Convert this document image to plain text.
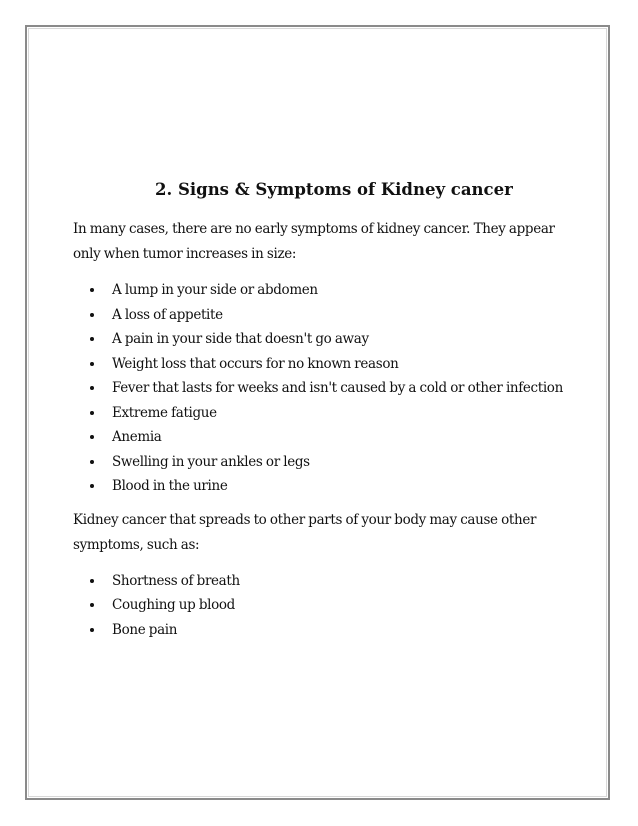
2. Signs & Symptoms of Kidney cancer

In many cases, there are no early symptoms of kidney cancer. They appear
only when tumor increases in size:

A lump in your side or abdomen
A loss of appetite
A pain in your side that doesn't go away
Weight loss that occurs for no known reason
Fever that lasts for weeks and isn't caused by a cold or other infection
Extreme fatigue
Anemia
Swelling in your ankles or legs
Blood in the urine

Kidney cancer that spreads to other parts of your body may cause other
symptoms, such as:

Shortness of breath
Coughing up blood
Bone pain
